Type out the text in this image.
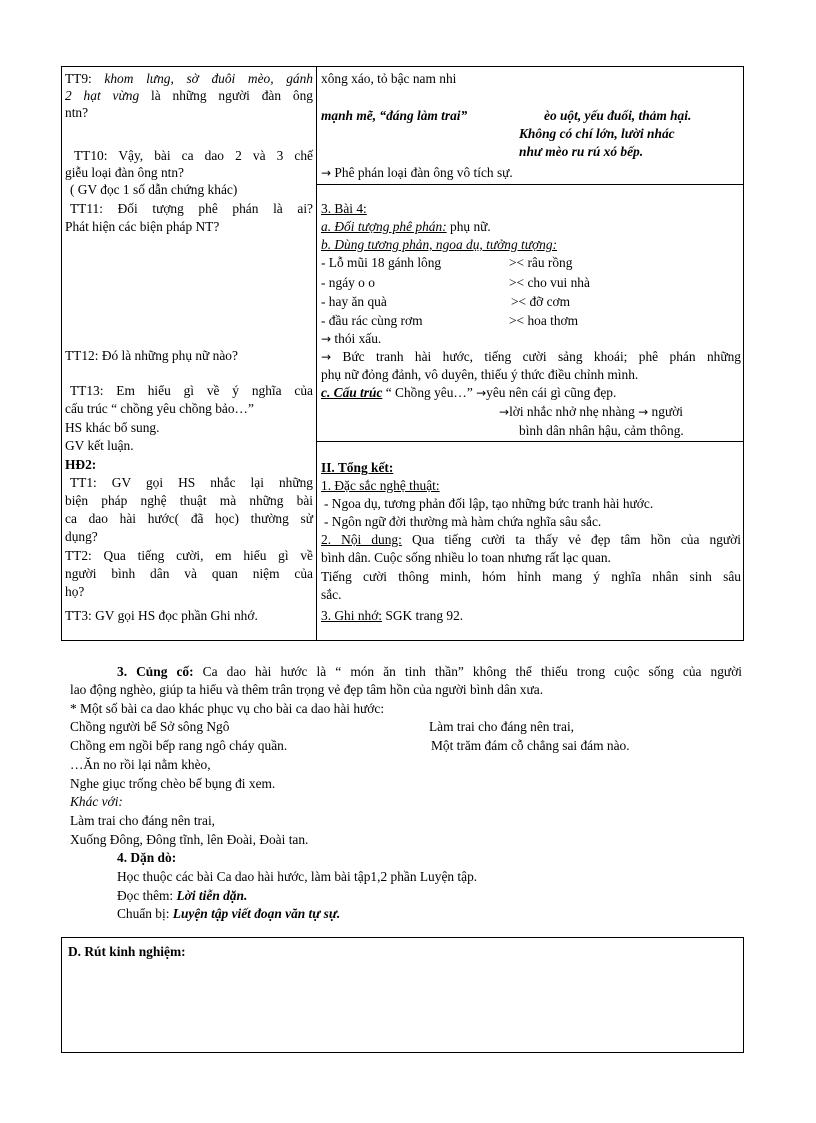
TT9: khom lưng, sờ đuôi mèo, gánh
2 hạt vừng là những người đàn ông
ntn?
TT10: Vậy, bài ca dao 2 và 3 chế
giễu loại đàn ông ntn?
( GV đọc 1 số dẫn chứng khác)
TT11: Đối tượng phê phán là ai?
Phát hiện các biện pháp NT?
TT12: Đó là những phụ nữ nào?
TT13: Em hiểu gì về ý nghĩa của
cấu trúc “ chồng yêu chồng bảo…”
HS khác bổ sung.
GV kết luận.
HĐ2:
TT1: GV gọi HS nhắc lại những
biện pháp nghệ thuật mà những bài
ca dao hài hước( đã học) thường sử
dụng?
TT2: Qua tiếng cười, em hiểu gì về
người bình dân và quan niệm của
họ?
TT3: GV gọi HS đọc phần Ghi nhớ.
xông xáo, tỏ bậc nam nhi
mạnh mẽ, “đáng làm trai”	èo uột, yếu đuối, thảm hại.
Không có chí lớn, lười nhác
như mèo ru rú xó bếp.
→ Phê phán loại đàn ông vô tích sự.
3. Bài 4:
a. Đối tượng phê phán: phụ nữ.
b. Dùng tương phản, ngoa dụ, tưởng tượng:
- Lỗ mũi 18 gánh lông	>< râu rồng
- ngáy o o	>< cho vui nhà
- hay ăn quà	>< đỡ cơm
- đầu rác cùng rơm	>< hoa thơm
→ thói xấu.
→ Bức tranh hài hước, tiếng cười sảng khoái; phê phán những
phụ nữ đỏng đảnh, vô duyên, thiếu ý thức điều chỉnh mình.
c. Cấu trúc “ Chồng yêu…” →yêu nên cái gì cũng đẹp.
→lời nhắc nhở nhẹ nhàng → người
bình dân nhân hậu, cảm thông.
II. Tổng kết:
1. Đặc sắc nghệ thuật:
- Ngoa dụ, tương phản đối lập, tạo những bức tranh hài hước.
- Ngôn ngữ đời thường mà hàm chứa nghĩa sâu sắc.
2. Nội dung: Qua tiếng cười ta thấy vẻ đẹp tâm hồn của người
bình dân. Cuộc sống nhiều lo toan nhưng rất lạc quan.
Tiếng cười thông minh, hóm hỉnh mang ý nghĩa nhân sinh sâu
sắc.
3. Ghi nhớ: SGK trang 92.
3. Củng cố: Ca dao hài hước là “ món ăn tinh thần” không thể thiếu trong cuộc sống của người
lao động nghèo, giúp ta hiểu và thêm trân trọng vẻ đẹp tâm hồn của người bình dân xưa.
* Một số bài ca dao khác phục vụ cho bài ca dao hài hước:
Chồng người bể Sở sông Ngô	Làm trai cho đáng nên trai,
Chồng em ngồi bếp rang ngô cháy quần.	Một trăm đám cỗ chẳng sai đám nào.
…Ăn no rồi lại nằm khèo,
Nghe giục trống chèo bế bụng đi xem.
Khác với:
Làm trai cho đáng nên trai,
Xuống Đông, Đông tĩnh, lên Đoài, Đoài tan.
4. Dặn dò:
Học thuộc các bài Ca dao hài hước, làm bài tập1,2 phần Luyện tập.
Đọc thêm: Lời tiễn dặn.
Chuẩn bị: Luyện tập viết đoạn văn tự sự.
D. Rút kinh nghiệm:
